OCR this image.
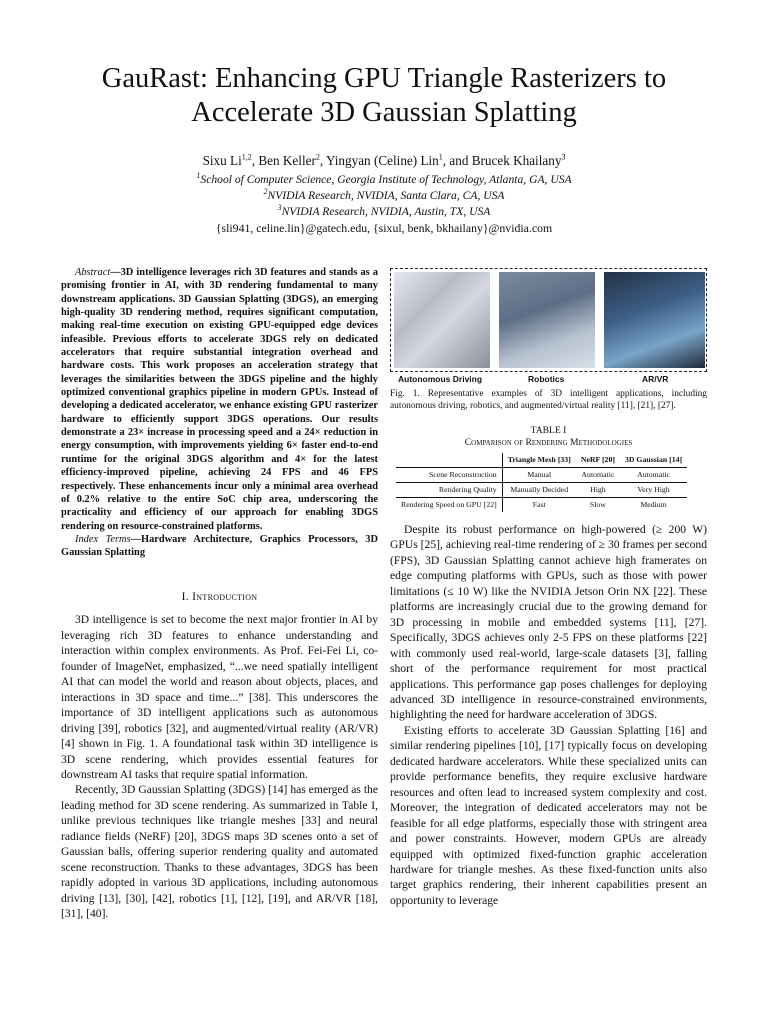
GauRast: Enhancing GPU Triangle Rasterizers to
Accelerate 3D Gaussian Splatting
Sixu Li$^{1,2}$, Ben Keller$^2$, Yingyan (Celine) Lin$^1$, and Brucek Khailany$^3$
$^1$School of Computer Science, Georgia Institute of Technology, Atlanta, GA, USA
$^2$NVIDIA Research, NVIDIA, Santa Clara, CA, USA
$^3$NVIDIA Research, NVIDIA, Austin, TX, USA
{sli941, celine.lin}@gatech.edu, {sixul, benk, bkhailany}@nvidia.com

Abstract—3D intelligence leverages rich 3D features and stands as a promising frontier in AI, with 3D rendering fundamental to many downstream applications. 3D Gaussian Splatting (3DGS), an emerging high-quality 3D rendering method, requires significant computation, making real-time execution on existing GPU-equipped edge devices infeasible. Previous efforts to accelerate 3DGS rely on dedicated accelerators that require substantial integration overhead and hardware costs. This work proposes an acceleration strategy that leverages the similarities between the 3DGS pipeline and the highly optimized conventional graphics pipeline in modern GPUs. Instead of developing a dedicated accelerator, we enhance existing GPU rasterizer hardware to efficiently support 3DGS operations. Our results demonstrate a 23× increase in processing speed and a 24× reduction in energy consumption, with improvements yielding 6× faster end-to-end runtime for the original 3DGS algorithm and 4× for the latest efficiency-improved pipeline, achieving 24 FPS and 46 FPS respectively. These enhancements incur only a minimal area overhead of 0.2% relative to the entire SoC chip area, underscoring the practicality and efficiency of our approach for enabling 3DGS rendering on resource-constrained platforms.

Index Terms—Hardware Architecture, Graphics Processors, 3D Gaussian Splatting

I. Introduction

3D intelligence is set to become the next major frontier in AI by leveraging rich 3D features to enhance understanding and interaction within complex environments. As Prof. Fei-Fei Li, co-founder of ImageNet, emphasized, “...we need spatially intelligent AI that can model the world and reason about objects, places, and interactions in 3D space and time...” [38]. This underscores the importance of 3D intelligent applications such as autonomous driving [39], robotics [32], and augmented/virtual reality (AR/VR) [4] shown in Fig. 1. A foundational task within 3D intelligence is 3D scene rendering, which provides essential features for downstream AI tasks that require spatial information.

Recently, 3D Gaussian Splatting (3DGS) [14] has emerged as the leading method for 3D scene rendering. As summarized in Table I, unlike previous techniques like triangle meshes [33] and neural radiance fields (NeRF) [20], 3DGS maps 3D scenes onto a set of Gaussian balls, offering superior rendering quality and automated scene reconstruction. Thanks to these advantages, 3DGS has been rapidly adopted in various 3D applications, including autonomous driving [13], [30], [42], robotics [1], [12], [19], and AR/VR [18], [31], [40].

Autonomous Driving	Robotics	AR/VR
Fig. 1. Representative examples of 3D intelligent applications, including autonomous driving, robotics, and augmented/virtual reality [11], [21], [27].
TABLE I
Comparison of Rendering Methodologies
	Triangle Mesh [33]	NeRF [20]	3D Gaussian [14]
Scene Reconstruction	Manual	Automatic	Automatic
Rendering Quality	Manually Decided	High	Very High
Rendering Speed on GPU [22]	Fast	Slow	Medium

Despite its robust performance on high-powered (≥ 200 W) GPUs [25], achieving real-time rendering of ≥ 30 frames per second (FPS), 3D Gaussian Splatting cannot achieve high framerates on edge computing platforms with GPUs, such as those with power limitations (≤ 10 W) like the NVIDIA Jetson Orin NX [22]. These platforms are increasingly crucial due to the growing demand for 3D processing in mobile and embedded systems [11], [27]. Specifically, 3DGS achieves only 2-5 FPS on these platforms [22] with commonly used real-world, large-scale datasets [3], falling short of the performance requirement for most practical applications. This performance gap poses challenges for deploying advanced 3D intelligence in resource-constrained environments, highlighting the need for hardware acceleration of 3DGS.

Existing efforts to accelerate 3D Gaussian Splatting [16] and similar rendering pipelines [10], [17] typically focus on developing dedicated hardware accelerators. While these specialized units can provide performance benefits, they require exclusive hardware resources and often lead to increased system complexity and cost. Moreover, the integration of dedicated accelerators may not be feasible for all edge platforms, especially those with stringent area and power constraints. However, modern GPUs are already equipped with optimized fixed-function graphic acceleration hardware for triangle meshes. As these fixed-function units also target graphics rendering, their inherent capabilities present an opportunity to leverage
